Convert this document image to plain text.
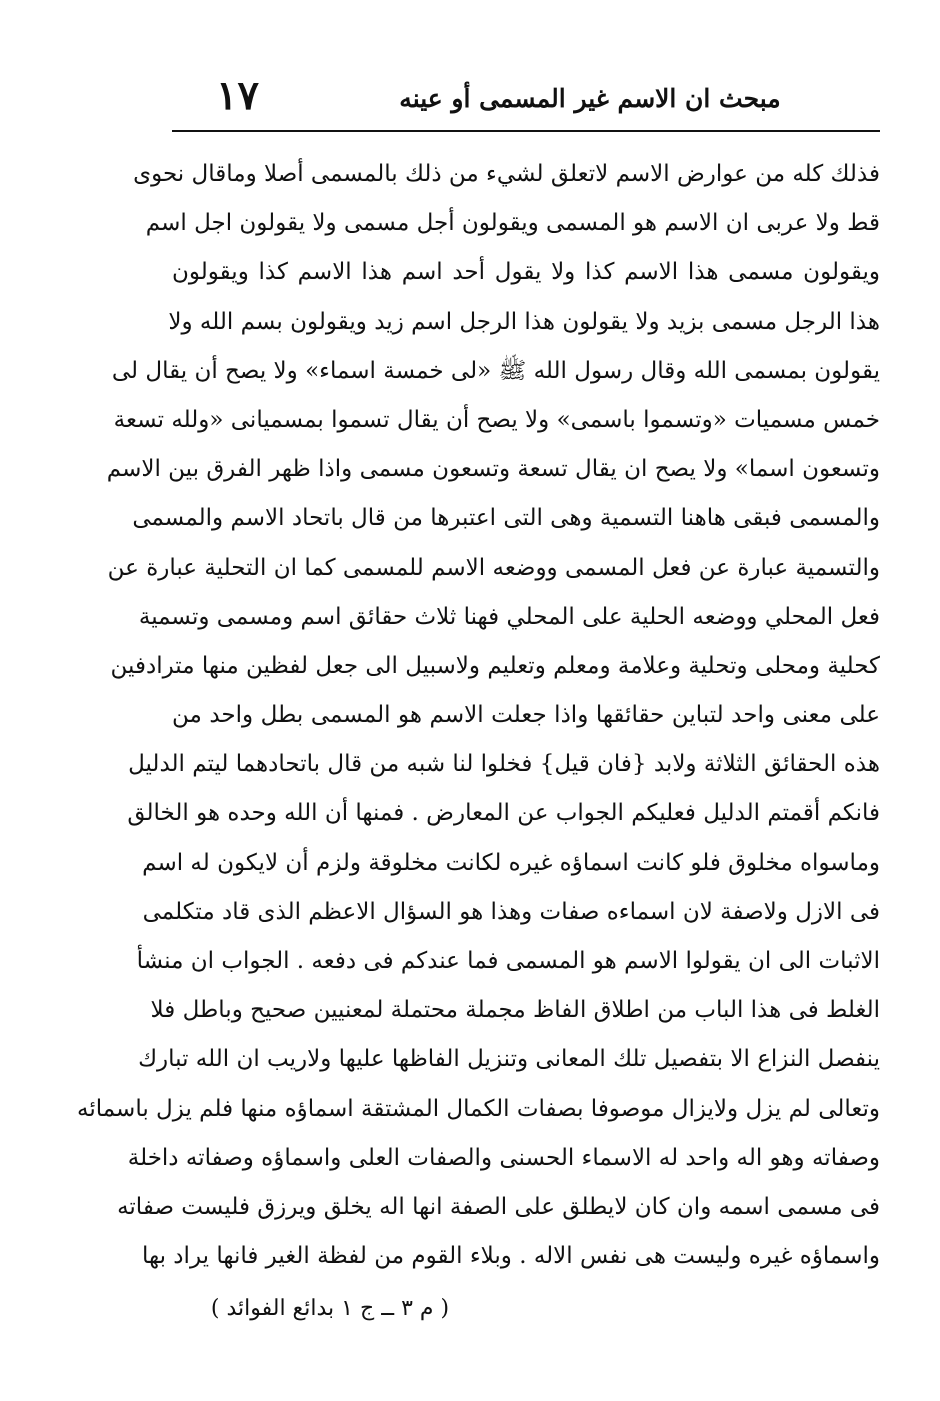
١٧	مبحث ان الاسم غير المسمى أو عينه
فذلك كله من عوارض الاسم لاتعلق لشيء من ذلك بالمسمى أصلا وماقال نحوى
قط ولا عربى ان الاسم هو المسمى ويقولون أجل مسمى ولا يقولون اجل اسم
ويقولون مسمى هذا الاسم كذا ولا يقول أحد اسم هذا الاسم كذا ويقولون
هذا الرجل مسمى بزيد ولا يقولون هذا الرجل اسم زيد ويقولون بسم الله ولا
يقولون بمسمى الله وقال رسول الله ﷺ «لى خمسة اسماء» ولا يصح أن يقال لى
خمس مسميات «وتسموا باسمى» ولا يصح أن يقال تسموا بمسميانى «ولله تسعة
وتسعون اسما» ولا يصح ان يقال تسعة وتسعون مسمى واذا ظهر الفرق بين الاسم
والمسمى فبقى هاهنا التسمية وهى التى اعتبرها من قال باتحاد الاسم والمسمى
والتسمية عبارة عن فعل المسمى ووضعه الاسم للمسمى كما ان التحلية عبارة عن
فعل المحلي ووضعه الحلية على المحلي فهنا ثلاث حقائق اسم ومسمى وتسمية
كحلية ومحلى وتحلية وعلامة ومعلم وتعليم ولاسبيل الى جعل لفظين منها مترادفين
على معنى واحد لتباين حقائقها واذا جعلت الاسم هو المسمى بطل واحد من
هذه الحقائق الثلاثة ولابد {فان قيل} فخلوا لنا شبه من قال باتحادهما ليتم الدليل
فانكم أقمتم الدليل فعليكم الجواب عن المعارض . فمنها أن الله وحده هو الخالق
وماسواه مخلوق فلو كانت اسماؤه غيره لكانت مخلوقة ولزم أن لايكون له اسم
فى الازل ولاصفة لان اسماءه صفات وهذا هو السؤال الاعظم الذى قاد متكلمى
الاثبات الى ان يقولوا الاسم هو المسمى فما عندكم فى دفعه . الجواب ان منشأ
الغلط فى هذا الباب من اطلاق الفاظ مجملة محتملة لمعنيين صحيح وباطل فلا
ينفصل النزاع الا بتفصيل تلك المعانى وتنزيل الفاظها عليها ولاريب ان الله تبارك
وتعالى لم يزل ولايزال موصوفا بصفات الكمال المشتقة اسماؤه منها فلم يزل باسمائه
وصفاته وهو اله واحد له الاسماء الحسنى والصفات العلى واسماؤه وصفاته داخلة
فى مسمى اسمه وان كان لايطلق على الصفة انها اله يخلق ويرزق فليست صفاته
واسماؤه غيره وليست هى نفس الاله . وبلاء القوم من لفظة الغير فانها يراد بها
( م ٣ ــ ج ١ بدائع الفوائد )
